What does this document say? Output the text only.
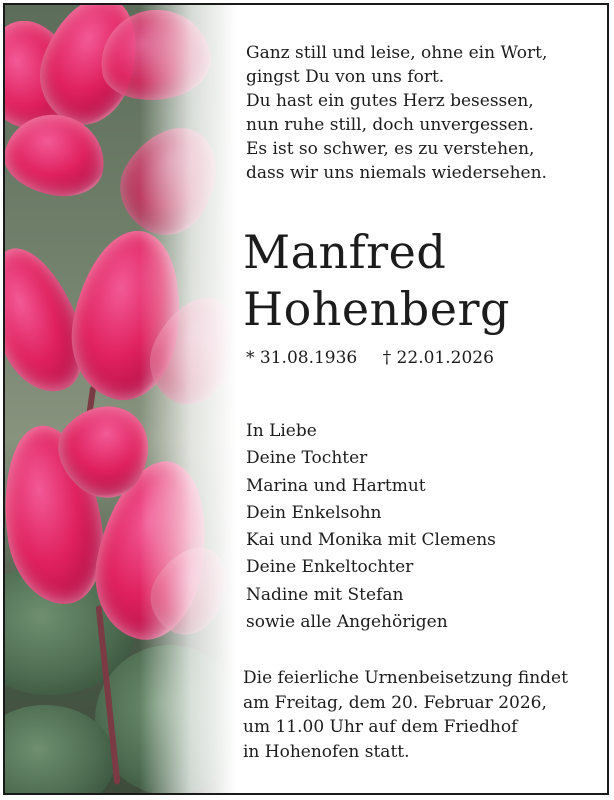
Ganz still und leise, ohne ein Wort,
gingst Du von uns fort.
Du hast ein gutes Herz besessen,
nun ruhe still, doch unvergessen.
Es ist so schwer, es zu verstehen,
dass wir uns niemals wiedersehen.
Manfred
Hohenberg
* 31.08.1936 † 22.01.2026
In Liebe
Deine Tochter
Marina und Hartmut
Dein Enkelsohn
Kai und Monika mit Clemens
Deine Enkeltochter
Nadine mit Stefan
sowie alle Angehörigen
Die feierliche Urnenbeisetzung findet
am Freitag, dem 20. Februar 2026,
um 11.00 Uhr auf dem Friedhof
in Hohenofen statt.
